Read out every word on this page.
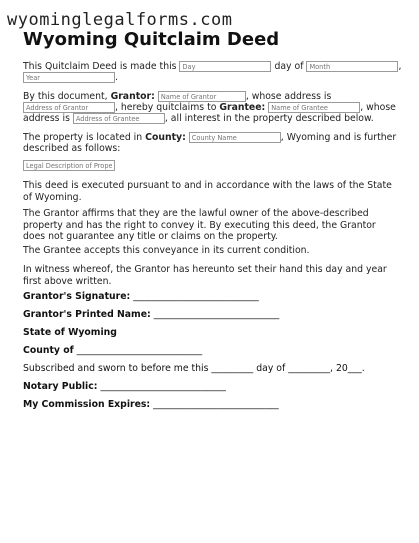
wyominglegalforms.com
Wyoming Quitclaim Deed
This Quitclaim Deed is made this Day	day of Month	,
Year.
By this document, Grantor: Name of Grantor	, whose address is
Address of Grantor, hereby quitclaims to Grantee: Name of Grantee	, whose
address is Address of Grantee	, all interest in the property described below.
The property is located in County: County Name	, Wyoming and is further
described as follows:
Legal Description of Property

This deed is executed pursuant to and in accordance with the laws of the State of Wyoming.

The Grantor affirms that they are the lawful owner of the above-described property and has the right to convey it. By executing this deed, the Grantor does not guarantee any title or claims on the property.

The Grantee accepts this conveyance in its current condition.

In witness whereof, the Grantor has hereunto set their hand this day and year first above written.

Grantor's Signature: ___________________________
Grantor's Printed Name: ___________________________
State of Wyoming
County of ___________________________
Subscribed and sworn to before me this _________ day of _________, 20___.
Notary Public: ___________________________
My Commission Expires: ___________________________
